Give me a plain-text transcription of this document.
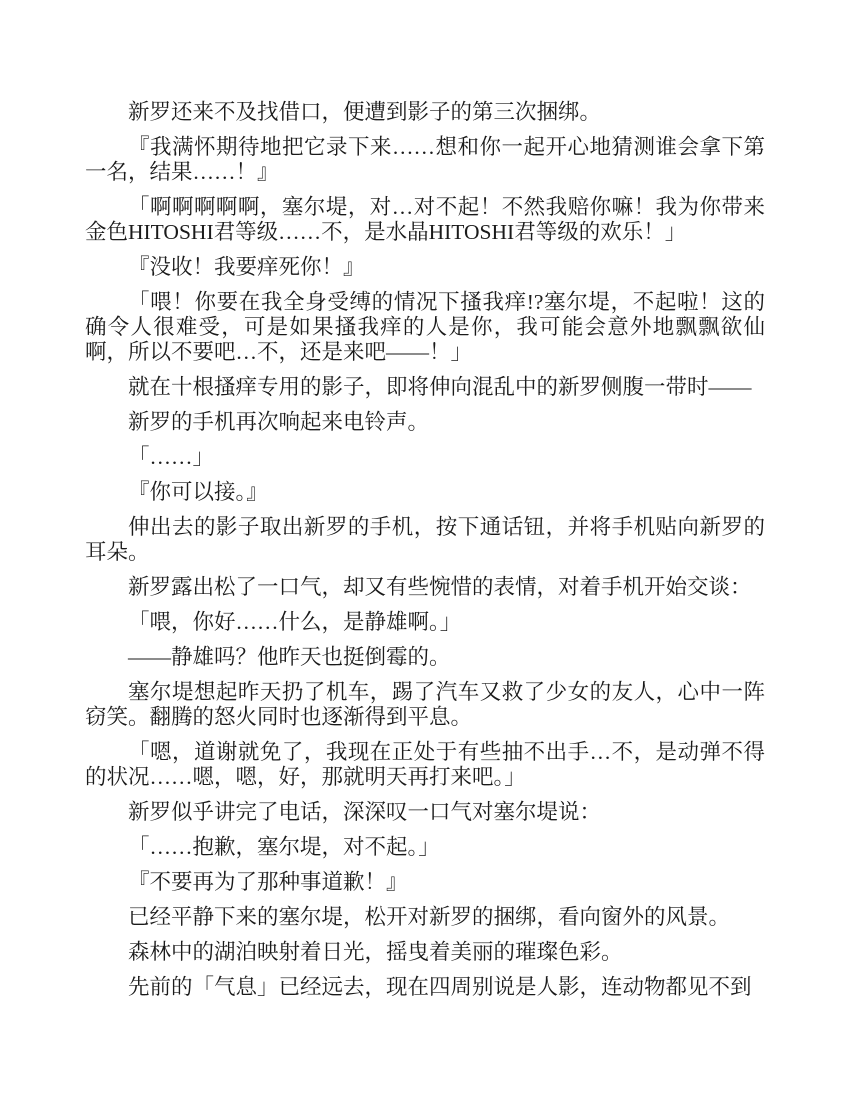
新罗还来不及找借口，便遭到影子的第三次捆绑。

『我满怀期待地把它录下来……想和你一起开心地猜测谁会拿下第一名，结果……！』

「啊啊啊啊啊，塞尔堤，对…对不起！不然我赔你嘛！我为你带来金色HITOSHI君等级……不，是水晶HITOSHI君等级的欢乐！」

『没收！我要痒死你！』

「喂！你要在我全身受缚的情况下搔我痒!?塞尔堤，不起啦！这的确令人很难受，可是如果搔我痒的人是你，我可能会意外地飘飘欲仙啊，所以不要吧…不，还是来吧——！」

就在十根搔痒专用的影子，即将伸向混乱中的新罗侧腹一带时——

新罗的手机再次响起来电铃声。

「……」

『你可以接。』

伸出去的影子取出新罗的手机，按下通话钮，并将手机贴向新罗的耳朵。

新罗露出松了一口气，却又有些惋惜的表情，对着手机开始交谈：

「喂，你好……什么，是静雄啊。」

——静雄吗？他昨天也挺倒霉的。

塞尔堤想起昨天扔了机车，踢了汽车又救了少女的友人，心中一阵窃笑。翻腾的怒火同时也逐渐得到平息。

「嗯，道谢就免了，我现在正处于有些抽不出手…不，是动弹不得的状况……嗯，嗯，好，那就明天再打来吧。」

新罗似乎讲完了电话，深深叹一口气对塞尔堤说：

「……抱歉，塞尔堤，对不起。」

『不要再为了那种事道歉！』

已经平静下来的塞尔堤，松开对新罗的捆绑，看向窗外的风景。

森林中的湖泊映射着日光，摇曳着美丽的璀璨色彩。

先前的「气息」已经远去，现在四周别说是人影，连动物都见不到
